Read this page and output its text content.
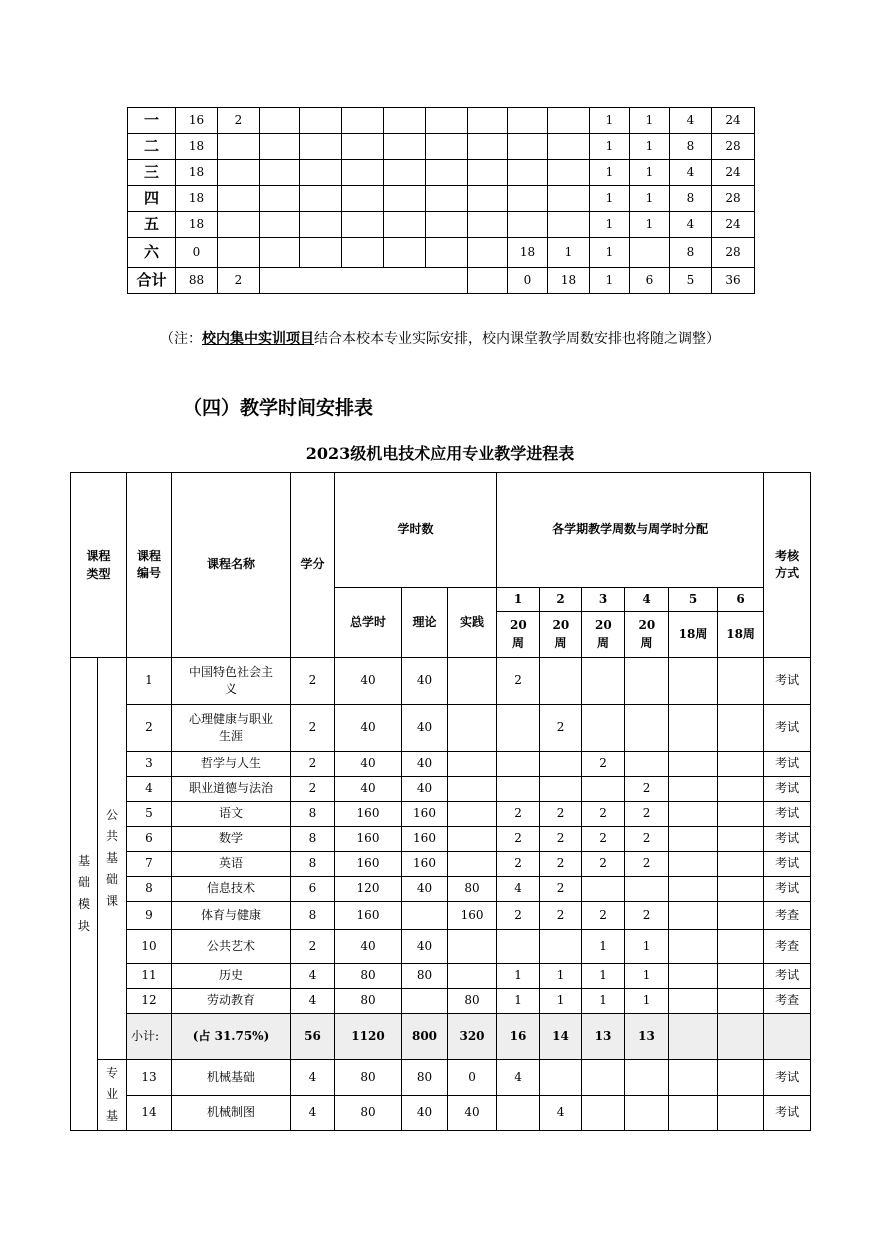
一	16	2									1	1	4	24	
二	18										1	1	8	28	
三	18										1	1	4	24	
四	18										1	1	8	28	
五	18										1	1	4	24	
六	0								18	1	1		8	28	
合计	88	2							0	18	1	6	5	36	
（注：校内集中实训项目结合本校本专业实际安排，校内课堂教学周数安排也将随之调整）
（四）教学时间安排表
2023级机电技术应用专业教学进程表
课程类型		课程编号	课程名称	学分	学时数			各学期教学周数与周学时分配						考核方式

					总学时	理论	实践	1	2	3	4	5	6	

								20周	20周	20周	20周	18周	18周	

基础模块	公共基础课	1	中国特色社会主义	2	40	40		2						考试
		2	心理健康与职业生涯	2	40	40			2					考试
		3	哲学与人生	2	40	40				2				考试
		4	职业道德与法治	2	40	40					2			考试
		5	语文	8	160	160		2	2	2	2			考试
		6	数学	8	160	160		2	2	2	2			考试
		7	英语	8	160	160		2	2	2	2			考试
		8	信息技术	6	120	40	80	4	2					考试
		9	体育与健康	8	160		160	2	2	2	2			考查
		10	公共艺术	2	40	40				1	1			考查
		11	历史	4	80	80		1	1	1	1			考试
		12	劳动教育	4	80		80	1	1	1	1			考查
		小计:	(占 31.75%)	56	1120	800	320	16	14	13	13			

	专业基	13	机械基础	4	80	80	0	4						考试
		14	机械制图	4	80	40	40		4					考试
